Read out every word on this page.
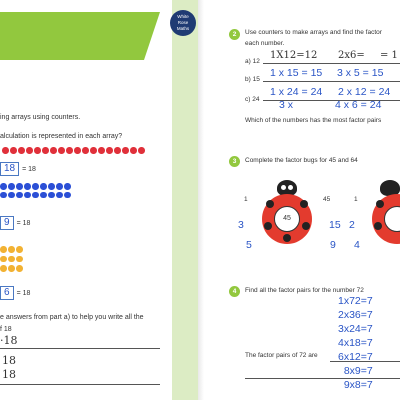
White
Rose
Maths
ing arrays using counters.
alculation is represented in each array?
18	= 18
9	= 18
6	= 18
e answers from part a) to help you write all the
f 18
·18
18
18
2	Use counters to make arrays and find the factor
each number.
a) 12
1X12=12 2x6= = 1
b) 15
1 x 15 = 15 3 x 5 = 15
c) 24
1 x 24 = 24 2 x 12 = 24
3 x	4 x 6 = 24
Which of the numbers has the most factor pairs
3	Complete the factor bugs for 45 and 64
45
1	45
3	15
5	9
1
2
4
4	Find all the factor pairs for the number 72
1x72=7
2x36=7
3x24=7
4x18=7
6x12=7
8x9=7
9x8=7
The factor pairs of 72 are
